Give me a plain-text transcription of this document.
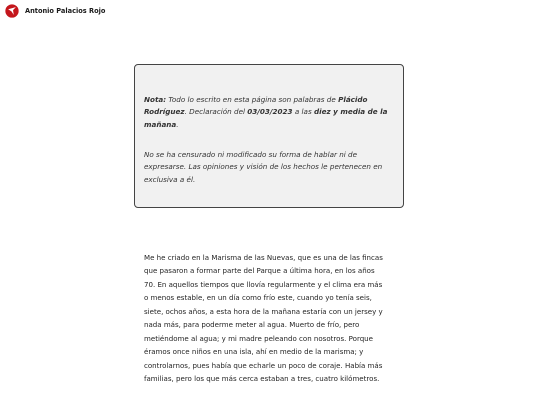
Antonio Palacios Rojo

Nota: Todo lo escrito en esta página son palabras de Plácido Rodríguez. Declaración del 03/03/2023 a las diez y media de la mañana.

No se ha censurado ni modificado su forma de hablar ni de expresarse. Las opiniones y visión de los hechos le pertenecen en exclusiva a él.

Me he criado en la Marisma de las Nuevas, que es una de las fincas que pasaron a formar parte del Parque a última hora, en los años 70. En aquellos tiempos que llovía regularmente y el clima era más o menos estable, en un día como frío este, cuando yo tenía seis, siete, ochos años, a esta hora de la mañana estaría con un jersey y nada más, para poderme meter al agua. Muerto de frío, pero metiéndome al agua; y mi madre peleando con nosotros. Porque éramos once niños en una isla, ahí en medio de la marisma; y controlarnos, pues había que echarle un poco de coraje. Había más familias, pero los que más cerca estaban a tres, cuatro kilómetros.
